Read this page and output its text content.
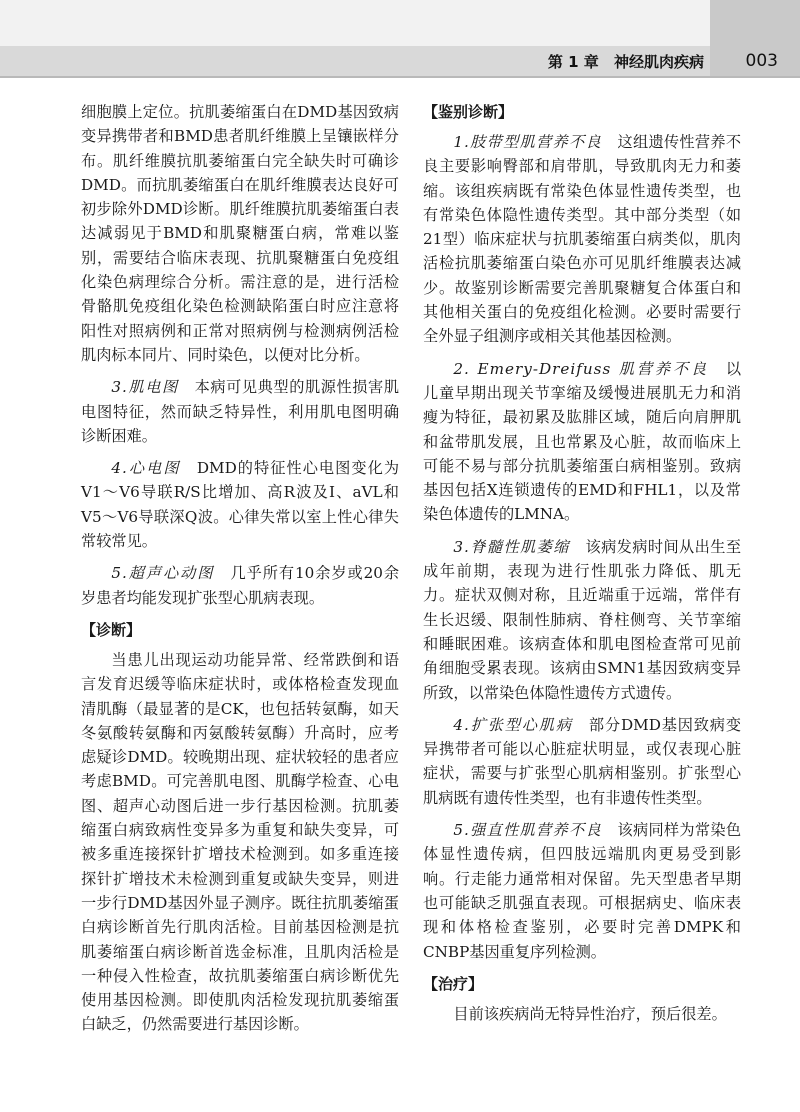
第 1 章 神经肌肉疾病 003

细胞膜上定位。抗肌萎缩蛋白在DMD基因致病变异携带者和BMD患者肌纤维膜上呈镶嵌样分布。肌纤维膜抗肌萎缩蛋白完全缺失时可确诊DMD。而抗肌萎缩蛋白在肌纤维膜表达良好可初步除外DMD诊断。肌纤维膜抗肌萎缩蛋白表达减弱见于BMD和肌聚糖蛋白病，常难以鉴别，需要结合临床表现、抗肌聚糖蛋白免疫组化染色病理综合分析。需注意的是，进行活检骨骼肌免疫组化染色检测缺陷蛋白时应注意将阳性对照病例和正常对照病例与检测病例活检肌肉标本同片、同时染色，以便对比分析。

3.肌电图　 本病可见典型的肌源性损害肌电图特征，然而缺乏特异性，利用肌电图明确诊断困难。

4.心电图　 DMD的特征性心电图变化为V1～V6导联R/S比增加、高R波及Ⅰ、aVL和V5～V6导联深Q波。心律失常以室上性心律失常较常见。

5.超声心动图　 几乎所有10余岁或20余岁患者均能发现扩张型心肌病表现。

【诊断】

当患儿出现运动功能异常、经常跌倒和语言发育迟缓等临床症状时，或体格检查发现血清肌酶（最显著的是CK，也包括转氨酶，如天冬氨酸转氨酶和丙氨酸转氨酶）升高时，应考虑疑诊DMD。较晚期出现、症状较轻的患者应考虑BMD。可完善肌电图、肌酶学检查、心电图、超声心动图后进一步行基因检测。抗肌萎缩蛋白病致病性变异多为重复和缺失变异，可被多重连接探针扩增技术检测到。如多重连接探针扩增技术未检测到重复或缺失变异，则进一步行DMD基因外显子测序。既往抗肌萎缩蛋白病诊断首先行肌肉活检。目前基因检测是抗肌萎缩蛋白病诊断首选金标准，且肌肉活检是一种侵入性检查，故抗肌萎缩蛋白病诊断优先使用基因检测。即使肌肉活检发现抗肌萎缩蛋白缺乏，仍然需要进行基因诊断。

【鉴别诊断】

1.肢带型肌营养不良　 这组遗传性营养不良主要影响臀部和肩带肌，导致肌肉无力和萎缩。该组疾病既有常染色体显性遗传类型，也有常染色体隐性遗传类型。其中部分类型（如21型）临床症状与抗肌萎缩蛋白病类似，肌肉活检抗肌萎缩蛋白染色亦可见肌纤维膜表达减少。故鉴别诊断需要完善肌聚糖复合体蛋白和其他相关蛋白的免疫组化检测。必要时需要行全外显子组测序或相关其他基因检测。

2. Emery-Dreifuss 肌营养不良　 以儿童早期出现关节挛缩及缓慢进展肌无力和消瘦为特征，最初累及肱腓区域，随后向肩胛肌和盆带肌发展，且也常累及心脏，故而临床上可能不易与部分抗肌萎缩蛋白病相鉴别。致病基因包括X连锁遗传的EMD和FHL1，以及常染色体遗传的LMNA。

3.脊髓性肌萎缩　 该病发病时间从出生至成年前期，表现为进行性肌张力降低、肌无力。症状双侧对称，且近端重于远端，常伴有生长迟缓、限制性肺病、脊柱侧弯、关节挛缩和睡眠困难。该病查体和肌电图检查常可见前角细胞受累表现。该病由SMN1基因致病变异所致，以常染色体隐性遗传方式遗传。

4.扩张型心肌病　 部分DMD基因致病变异携带者可能以心脏症状明显，或仅表现心脏症状，需要与扩张型心肌病相鉴别。扩张型心肌病既有遗传性类型，也有非遗传性类型。

5.强直性肌营养不良　 该病同样为常染色体显性遗传病，但四肢远端肌肉更易受到影响。行走能力通常相对保留。先天型患者早期也可能缺乏肌强直表现。可根据病史、临床表现和体格检查鉴别，必要时完善DMPK和CNBP基因重复序列检测。

【治疗】

目前该疾病尚无特异性治疗，预后很差。
